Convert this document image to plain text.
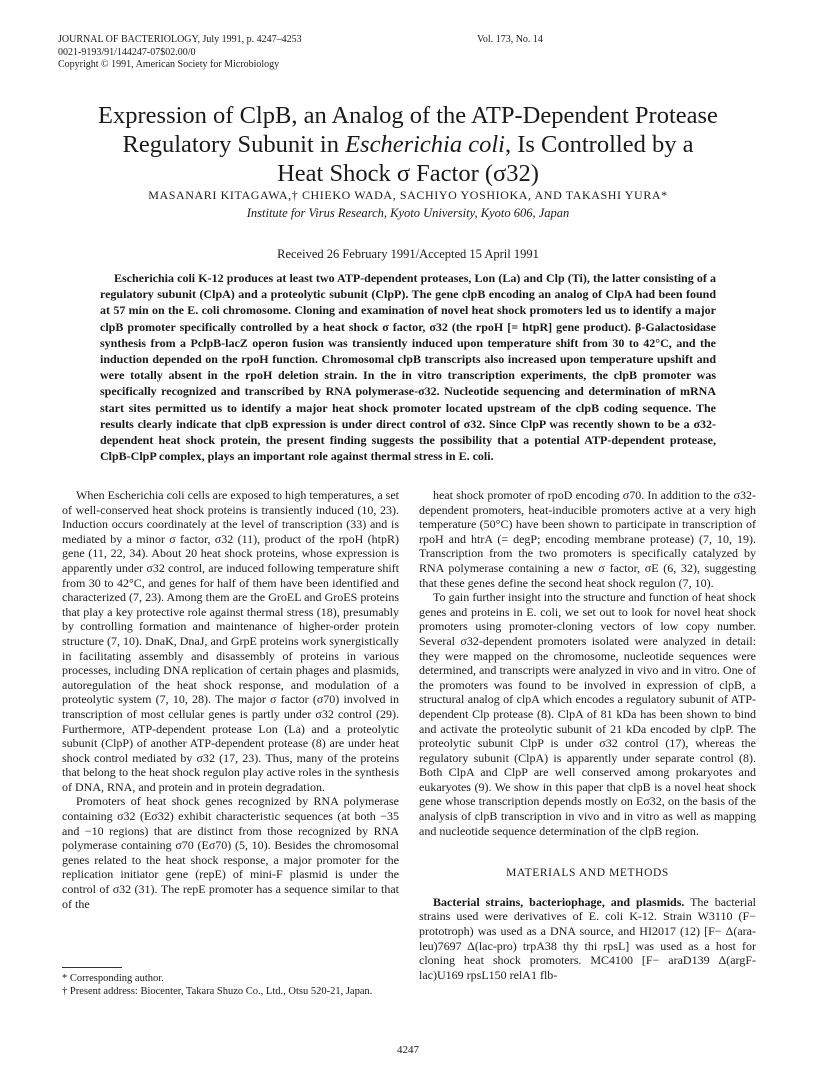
JOURNAL OF BACTERIOLOGY, July 1991, p. 4247–4253
0021-9193/91/144247-07$02.00/0
Copyright © 1991, American Society for Microbiology
Vol. 173, No. 14
Expression of ClpB, an Analog of the ATP-Dependent Protease
Regulatory Subunit in Escherichia coli, Is Controlled by a
Heat Shock σ Factor (σ32)
MASANARI KITAGAWA,† CHIEKO WADA, SACHIYO YOSHIOKA, AND TAKASHI YURA*
Institute for Virus Research, Kyoto University, Kyoto 606, Japan
Received 26 February 1991/Accepted 15 April 1991
Escherichia coli K-12 produces at least two ATP-dependent proteases, Lon (La) and Clp (Ti), the latter consisting of a regulatory subunit (ClpA) and a proteolytic subunit (ClpP). The gene clpB encoding an analog of ClpA had been found at 57 min on the E. coli chromosome. Cloning and examination of novel heat shock promoters led us to identify a major clpB promoter specifically controlled by a heat shock σ factor, σ32 (the rpoH [= htpR] gene product). β-Galactosidase synthesis from a PclpB-lacZ operon fusion was transiently induced upon temperature shift from 30 to 42°C, and the induction depended on the rpoH function. Chromosomal clpB transcripts also increased upon temperature upshift and were totally absent in the rpoH deletion strain. In the in vitro transcription experiments, the clpB promoter was specifically recognized and transcribed by RNA polymerase-σ32. Nucleotide sequencing and determination of mRNA start sites permitted us to identify a major heat shock promoter located upstream of the clpB coding sequence. The results clearly indicate that clpB expression is under direct control of σ32. Since ClpP was recently shown to be a σ32-dependent heat shock protein, the present finding suggests the possibility that a potential ATP-dependent protease, ClpB-ClpP complex, plays an important role against thermal stress in E. coli.

When Escherichia coli cells are exposed to high temperatures, a set of well-conserved heat shock proteins is transiently induced (10, 23). Induction occurs coordinately at the level of transcription (33) and is mediated by a minor σ factor, σ32 (11), product of the rpoH (htpR) gene (11, 22, 34). About 20 heat shock proteins, whose expression is apparently under σ32 control, are induced following temperature shift from 30 to 42°C, and genes for half of them have been identified and characterized (7, 23). Among them are the GroEL and GroES proteins that play a key protective role against thermal stress (18), presumably by controlling formation and maintenance of higher-order protein structure (7, 10). DnaK, DnaJ, and GrpE proteins work synergistically in facilitating assembly and disassembly of proteins in various processes, including DNA replication of certain phages and plasmids, autoregulation of the heat shock response, and modulation of a proteolytic system (7, 10, 28). The major σ factor (σ70) involved in transcription of most cellular genes is partly under σ32 control (29). Furthermore, ATP-dependent protease Lon (La) and a proteolytic subunit (ClpP) of another ATP-dependent protease (8) are under heat shock control mediated by σ32 (17, 23). Thus, many of the proteins that belong to the heat shock regulon play active roles in the synthesis of DNA, RNA, and protein and in protein degradation.

Promoters of heat shock genes recognized by RNA polymerase containing σ32 (Eσ32) exhibit characteristic sequences (at both −35 and −10 regions) that are distinct from those recognized by RNA polymerase containing σ70 (Eσ70) (5, 10). Besides the chromosomal genes related to the heat shock response, a major promoter for the replication initiator gene (repE) of mini-F plasmid is under the control of σ32 (31). The repE promoter has a sequence similar to that of the

heat shock promoter of rpoD encoding σ70. In addition to the σ32-dependent promoters, heat-inducible promoters active at a very high temperature (50°C) have been shown to participate in transcription of rpoH and htrA (= degP; encoding membrane protease) (7, 10, 19). Transcription from the two promoters is specifically catalyzed by RNA polymerase containing a new σ factor, σE (6, 32), suggesting that these genes define the second heat shock regulon (7, 10).

To gain further insight into the structure and function of heat shock genes and proteins in E. coli, we set out to look for novel heat shock promoters using promoter-cloning vectors of low copy number. Several σ32-dependent promoters isolated were analyzed in detail: they were mapped on the chromosome, nucleotide sequences were determined, and transcripts were analyzed in vivo and in vitro. One of the promoters was found to be involved in expression of clpB, a structural analog of clpA which encodes a regulatory subunit of ATP-dependent Clp protease (8). ClpA of 81 kDa has been shown to bind and activate the proteolytic subunit of 21 kDa encoded by clpP. The proteolytic subunit ClpP is under σ32 control (17), whereas the regulatory subunit (ClpA) is apparently under separate control (8). Both ClpA and ClpP are well conserved among prokaryotes and eukaryotes (9). We show in this paper that clpB is a novel heat shock gene whose transcription depends mostly on Eσ32, on the basis of the analysis of clpB transcription in vivo and in vitro as well as mapping and nucleotide sequence determination of the clpB region.

MATERIALS AND METHODS

Bacterial strains, bacteriophage, and plasmids. The bacterial strains used were derivatives of E. coli K-12. Strain W3110 (F− prototroph) was used as a DNA source, and HI2017 (12) [F− Δ(ara-leu)7697 Δ(lac-pro) trpA38 thy thi rpsL] was used as a host for cloning heat shock promoters. MC4100 [F− araD139 Δ(argF-lac)U169 rpsL150 relA1 flb-

* Corresponding author.
† Present address: Biocenter, Takara Shuzo Co., Ltd., Otsu 520-21, Japan.
4247
